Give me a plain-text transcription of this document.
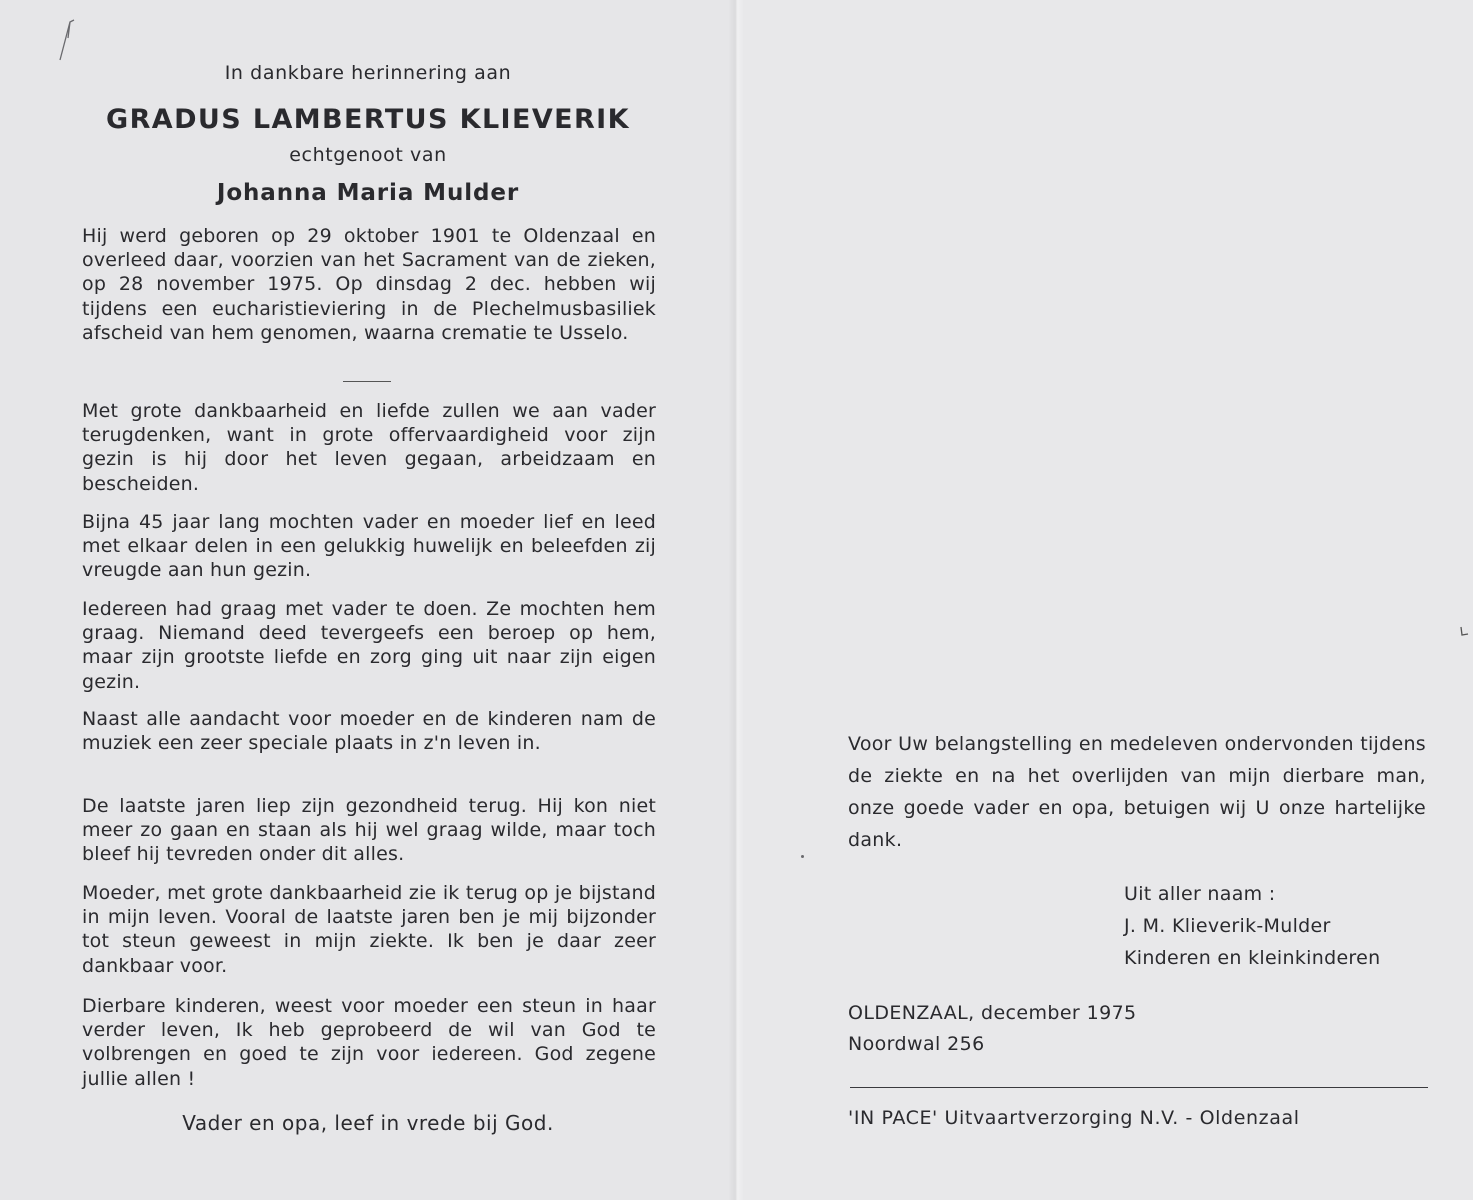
In dankbare herinnering aan

GRADUS LAMBERTUS KLIEVERIK

echtgenoot van

Johanna Maria Mulder

Hij werd geboren op 29 oktober 1901 te Oldenzaal en overleed daar, voorzien van het Sacrament van de zieken, op 28 november 1975. Op dinsdag 2 dec. hebben wij tijdens een eucharistieviering in de Plechelmusbasiliek afscheid van hem genomen, waarna crematie te Usselo.

Met grote dankbaarheid en liefde zullen we aan vader terugdenken, want in grote offervaardigheid voor zijn gezin is hij door het leven gegaan, arbeidzaam en bescheiden.

Bijna 45 jaar lang mochten vader en moeder lief en leed met elkaar delen in een gelukkig huwelijk en beleefden zij vreugde aan hun gezin.

Iedereen had graag met vader te doen. Ze mochten hem graag. Niemand deed tevergeefs een beroep op hem, maar zijn grootste liefde en zorg ging uit naar zijn eigen gezin.

Naast alle aandacht voor moeder en de kinderen nam de muziek een zeer speciale plaats in z'n leven in.

De laatste jaren liep zijn gezondheid terug. Hij kon niet meer zo gaan en staan als hij wel graag wilde, maar toch bleef hij tevreden onder dit alles.

Moeder, met grote dankbaarheid zie ik terug op je bijstand in mijn leven. Vooral de laatste jaren ben je mij bijzonder tot steun geweest in mijn ziekte. Ik ben je daar zeer dankbaar voor.

Dierbare kinderen, weest voor moeder een steun in haar verder leven, Ik heb geprobeerd de wil van God te volbrengen en goed te zijn voor iedereen. God zegene jullie allen !

Vader en opa, leef in vrede bij God.

Voor Uw belangstelling en medeleven ondervonden tijdens de ziekte en na het overlijden van mijn dierbare man, onze goede vader en opa, betuigen wij U onze hartelijke dank.

Uit aller naam :
J. M. Klieverik-Mulder
Kinderen en kleinkinderen
OLDENZAAL, december 1975
Noordwal 256

'IN PACE' Uitvaartverzorging N.V. - Oldenzaal
